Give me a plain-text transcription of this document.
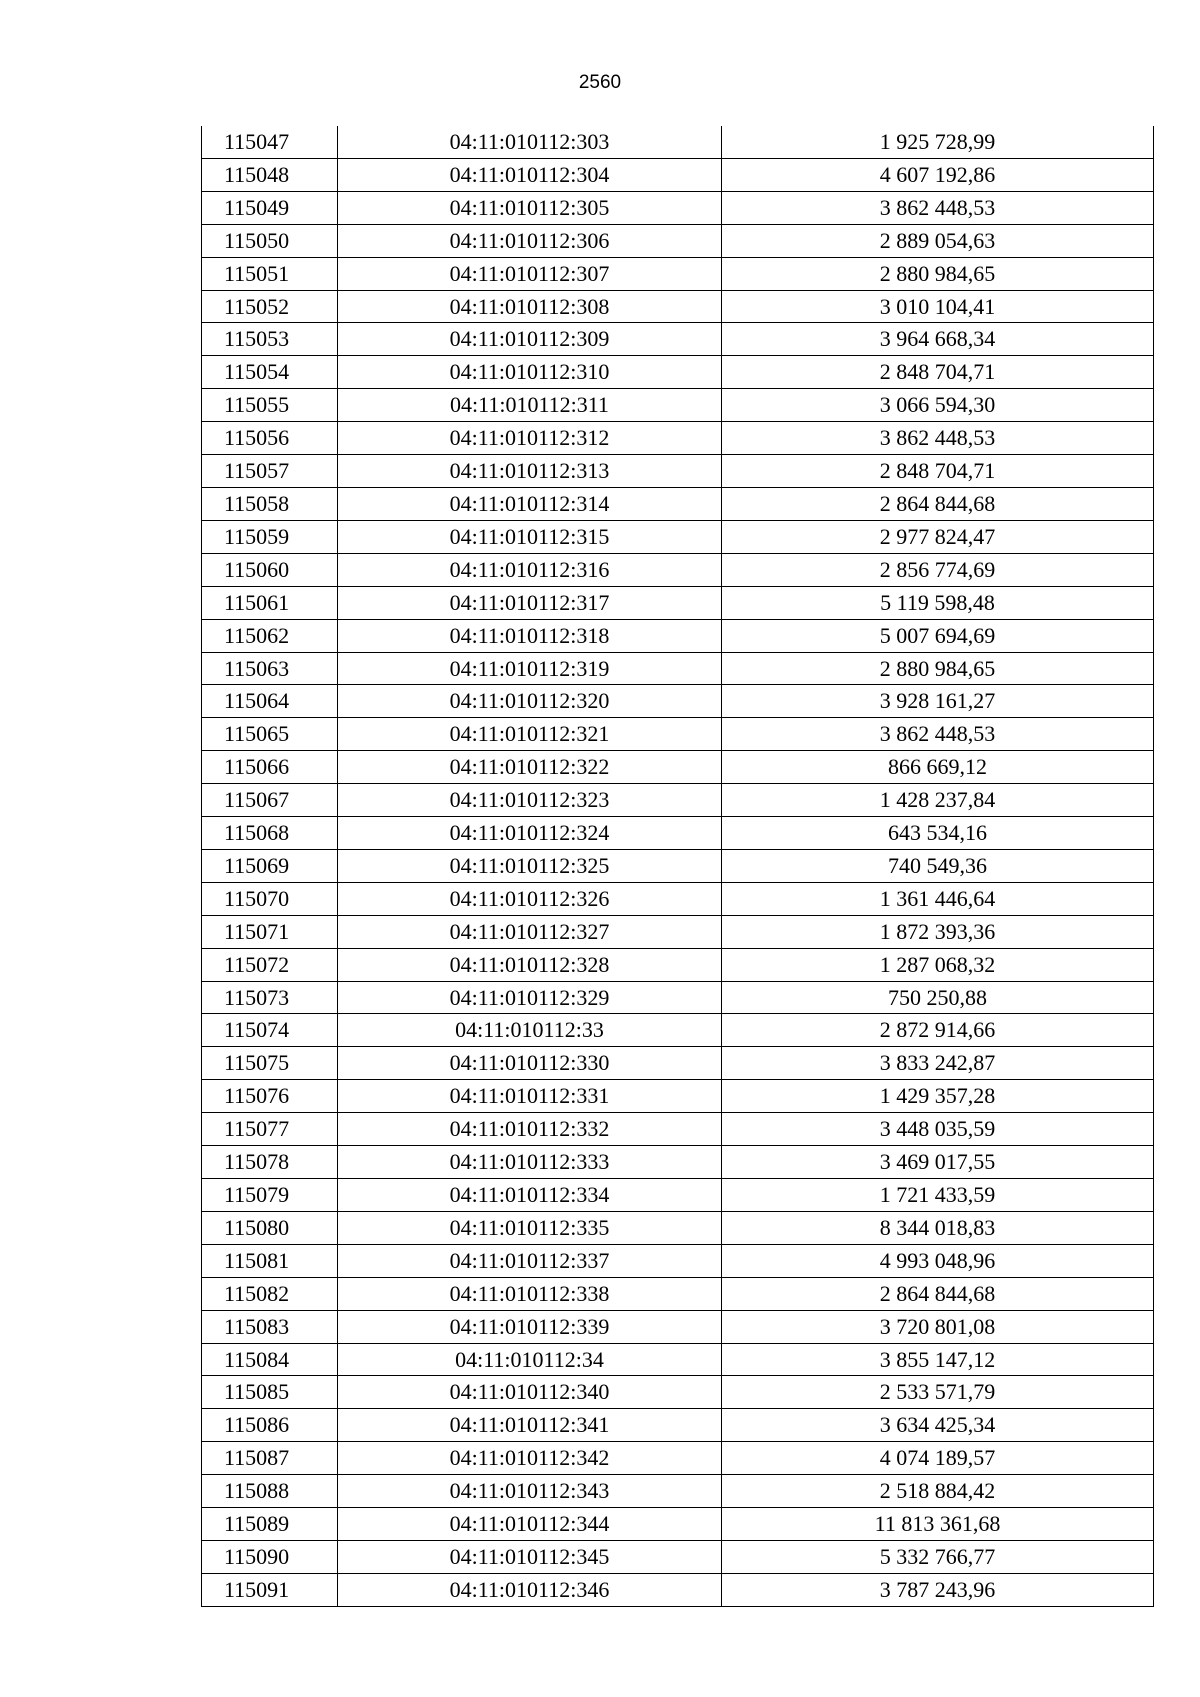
2560
115047	04:11:010112:303	1 925 728,99
115048	04:11:010112:304	4 607 192,86
115049	04:11:010112:305	3 862 448,53
115050	04:11:010112:306	2 889 054,63
115051	04:11:010112:307	2 880 984,65
115052	04:11:010112:308	3 010 104,41
115053	04:11:010112:309	3 964 668,34
115054	04:11:010112:310	2 848 704,71
115055	04:11:010112:311	3 066 594,30
115056	04:11:010112:312	3 862 448,53
115057	04:11:010112:313	2 848 704,71
115058	04:11:010112:314	2 864 844,68
115059	04:11:010112:315	2 977 824,47
115060	04:11:010112:316	2 856 774,69
115061	04:11:010112:317	5 119 598,48
115062	04:11:010112:318	5 007 694,69
115063	04:11:010112:319	2 880 984,65
115064	04:11:010112:320	3 928 161,27
115065	04:11:010112:321	3 862 448,53
115066	04:11:010112:322	866 669,12
115067	04:11:010112:323	1 428 237,84
115068	04:11:010112:324	643 534,16
115069	04:11:010112:325	740 549,36
115070	04:11:010112:326	1 361 446,64
115071	04:11:010112:327	1 872 393,36
115072	04:11:010112:328	1 287 068,32
115073	04:11:010112:329	750 250,88
115074	04:11:010112:33	2 872 914,66
115075	04:11:010112:330	3 833 242,87
115076	04:11:010112:331	1 429 357,28
115077	04:11:010112:332	3 448 035,59
115078	04:11:010112:333	3 469 017,55
115079	04:11:010112:334	1 721 433,59
115080	04:11:010112:335	8 344 018,83
115081	04:11:010112:337	4 993 048,96
115082	04:11:010112:338	2 864 844,68
115083	04:11:010112:339	3 720 801,08
115084	04:11:010112:34	3 855 147,12
115085	04:11:010112:340	2 533 571,79
115086	04:11:010112:341	3 634 425,34
115087	04:11:010112:342	4 074 189,57
115088	04:11:010112:343	2 518 884,42
115089	04:11:010112:344	11 813 361,68
115090	04:11:010112:345	5 332 766,77
115091	04:11:010112:346	3 787 243,96
